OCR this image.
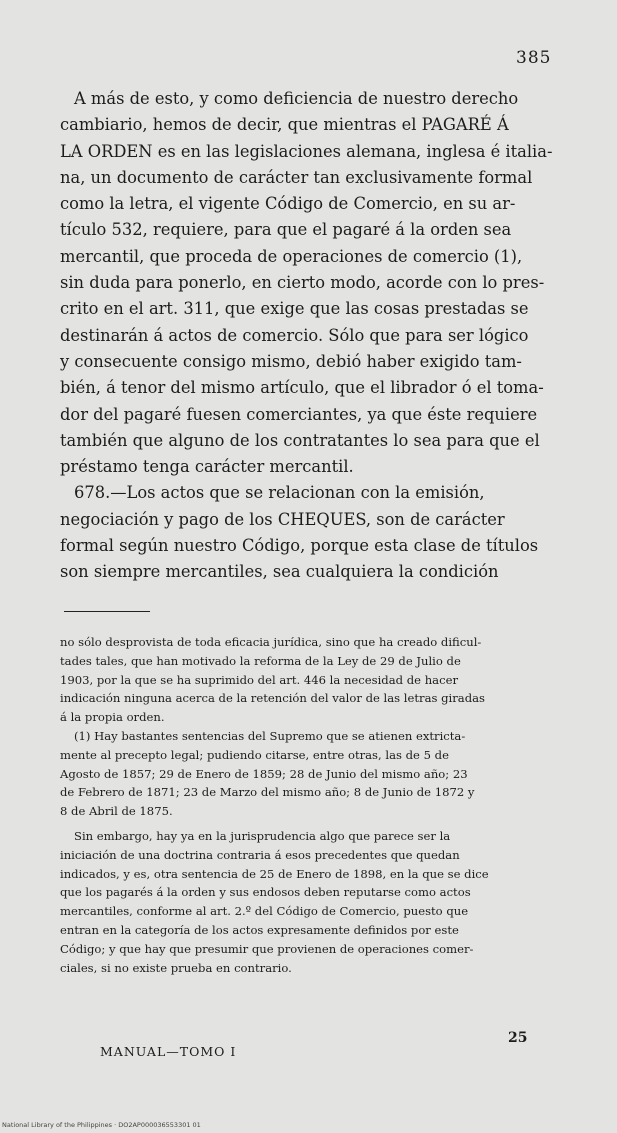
385
A más de esto, y como deficiencia de nuestro derecho
cambiario, hemos de decir, que mientras el PAGARÉ Á
LA ORDEN es en las legislaciones alemana, inglesa é italia-
na, un documento de carácter tan exclusivamente formal
como la letra, el vigente Código de Comercio, en su ar-
tículo 532, requiere, para que el pagaré á la orden sea
mercantil, que proceda de operaciones de comercio (1),
sin duda para ponerlo, en cierto modo, acorde con lo pres-
crito en el art. 311, que exige que las cosas prestadas se
destinarán á actos de comercio. Sólo que para ser lógico
y consecuente consigo mismo, debió haber exigido tam-
bién, á tenor del mismo artículo, que el librador ó el toma-
dor del pagaré fuesen comerciantes, ya que éste requiere
también que alguno de los contratantes lo sea para que el
préstamo tenga carácter mercantil.
678.—Los actos que se relacionan con la emisión,
negociación y pago de los CHEQUES, son de carácter
formal según nuestro Código, porque esta clase de títulos
son siempre mercantiles, sea cualquiera la condición
no sólo desprovista de toda eficacia jurídica, sino que ha creado dificul-
tades tales, que han motivado la reforma de la Ley de 29 de Julio de
1903, por la que se ha suprimido del art. 446 la necesidad de hacer
indicación ninguna acerca de la retención del valor de las letras giradas
á la propia orden.
(1) Hay bastantes sentencias del Supremo que se atienen extricta-
mente al precepto legal; pudiendo citarse, entre otras, las de 5 de
Agosto de 1857; 29 de Enero de 1859; 28 de Junio del mismo año; 23
de Febrero de 1871; 23 de Marzo del mismo año; 8 de Junio de 1872 y
8 de Abril de 1875.
Sin embargo, hay ya en la jurisprudencia algo que parece ser la
iniciación de una doctrina contraria á esos precedentes que quedan
indicados, y es, otra sentencia de 25 de Enero de 1898, en la que se dice
que los pagarés á la orden y sus endosos deben reputarse como actos
mercantiles, conforme al art. 2.º del Código de Comercio, puesto que
entran en la categoría de los actos expresamente definidos por este
Código; y que hay que presumir que provienen de operaciones comer-
ciales, si no existe prueba en contrario.
MANUAL—TOMO I
25
National Library of the Philippines · DO2AP000036553301 01
